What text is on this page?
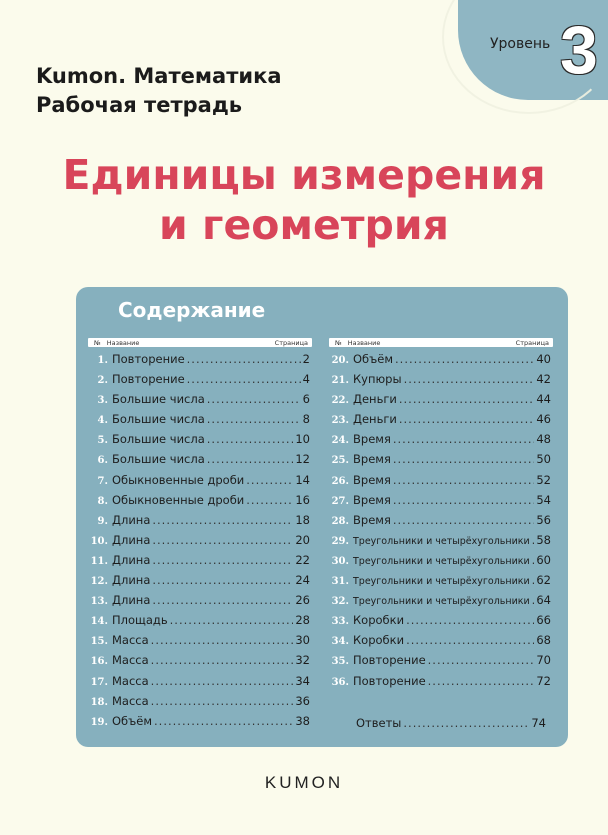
Уровень 3
Kumon. Математика
Рабочая тетрадь
Единицы измерения
и геометрия
Содержание
№ Название	Страница
1. Повторение .....	2
2. Повторение .....	4
3. Большие числа .....	6
4. Большие числа .....	8
5. Большие числа .....	10
6. Большие числа .....	12
7. Обыкновенные дроби .....	14
8. Обыкновенные дроби .....	16
9. Длина .....	18
10. Длина .....	20
11. Длина .....	22
12. Длина .....	24
13. Длина .....	26
14. Площадь .....	28
15. Масса .....	30
16. Масса .....	32
17. Масса .....	34
18. Масса .....	36
19. Объём .....	38
№ Название	Страница
20. Объём .....	40
21. Купюры .....	42
22. Деньги .....	44
23. Деньги .....	46
24. Время .....	48
25. Время .....	50
26. Время .....	52
27. Время .....	54
28. Время .....	56
29. Треугольники и четырёхугольники ..... 58
30. Треугольники и четырёхугольники ..... 60
31. Треугольники и четырёхугольники ..... 62
32. Треугольники и четырёхугольники ..... 64
33. Коробки .....	66
34. Коробки .....	68
35. Повторение .....	70
36. Повторение .....	72
Ответы .....	74
KUMON
